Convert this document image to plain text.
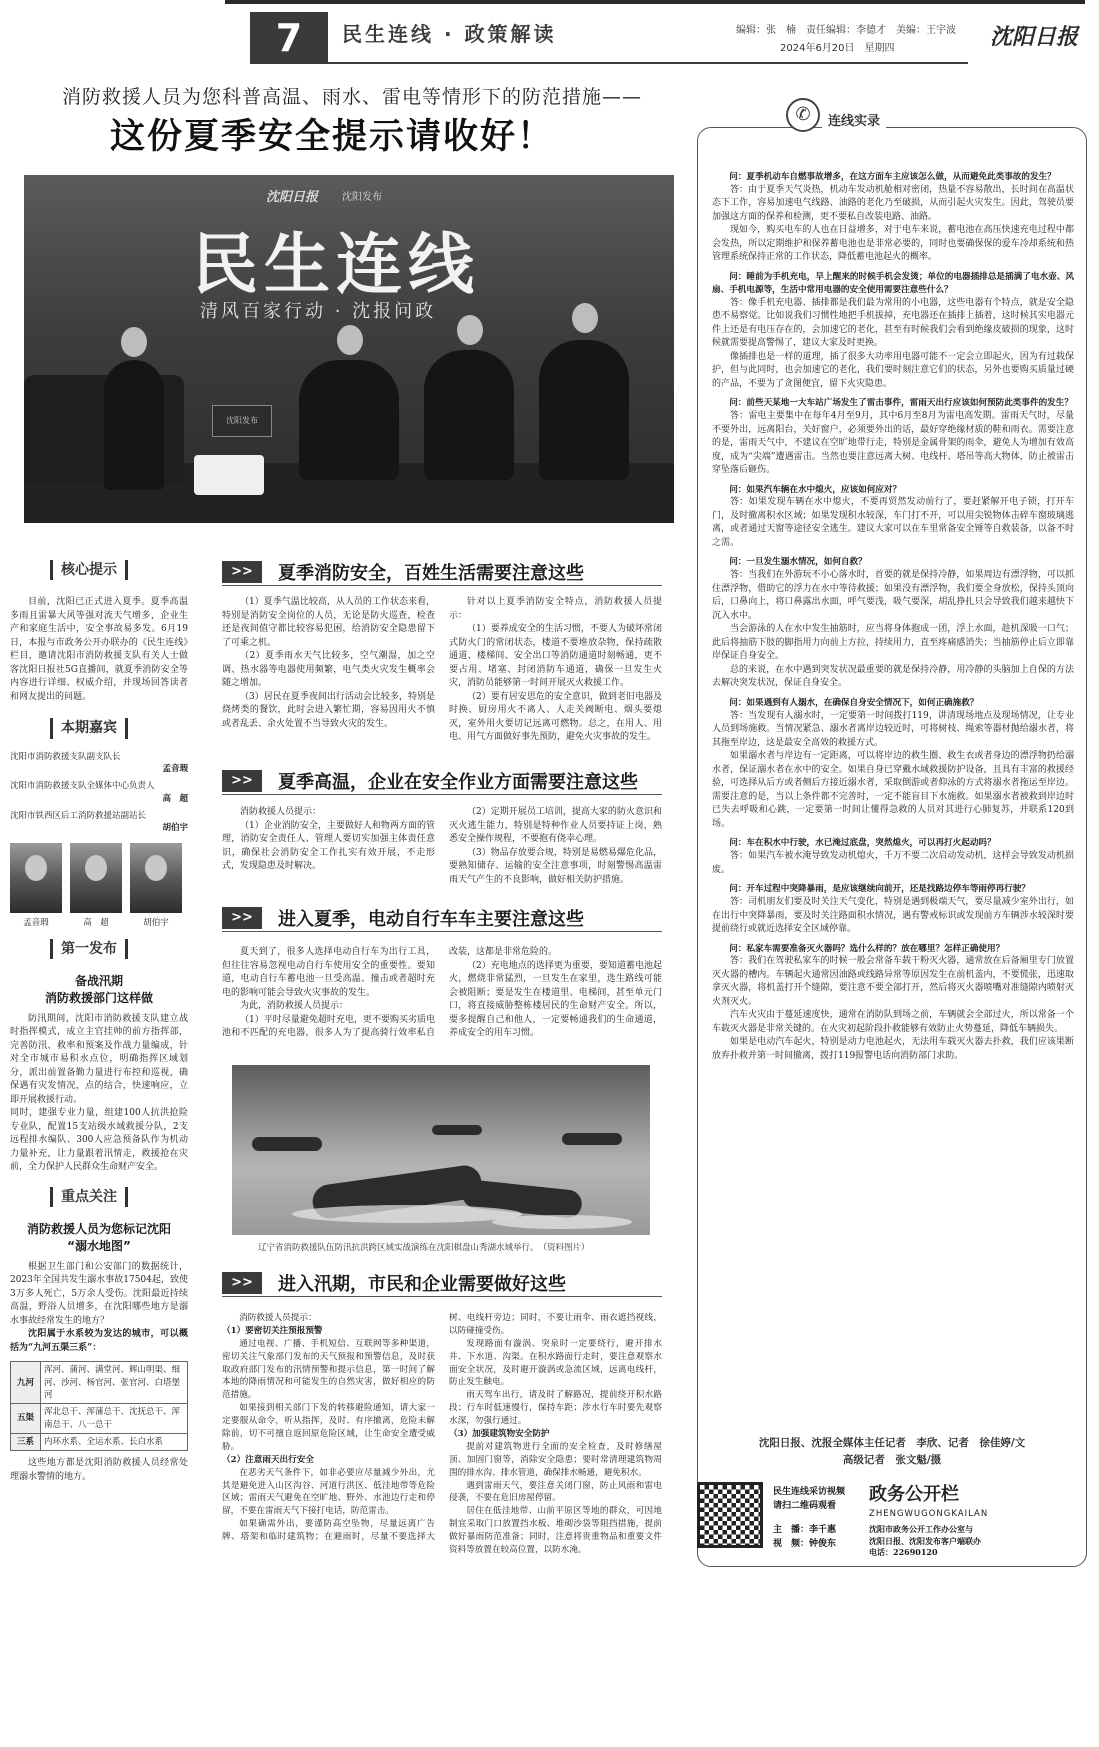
7	民生连线 · 政策解读	编辑：张　楠　责任编辑：李德才　美编：王宇波
2024年6月20日　星期四	沈阳日报
消防救援人员为您科普高温、雨水、雷电等情形下的防范措施——
这份夏季安全提示请收好！
沈阳日报 沈阳发布
民生连线
清风百家行动 · 沈报问政
沈阳发布
核心提示
目前，沈阳已正式进入夏季。夏季高温多雨且雷暴大风等强对流天气增多，企业生产和家庭生活中，安全事故易多发。6月19日，本报与市政务公开办联办的《民生连线》栏目，邀请沈阳市消防救援支队有关人士做客沈阳日报社5G直播间，就夏季消防安全等内容进行详细、权威介绍，并现场回答读者和网友提出的问题。
本期嘉宾
沈阳市消防救援支队副支队长
孟音瑕
沈阳市消防救援支队全媒体中心负责人
高　超
沈阳市铁西区后工消防救援站副站长
胡伯宇
孟音瑕	高　超	胡伯宇
第一发布
备战汛期
消防救援部门这样做
防汛期间，沈阳市消防救援支队建立战时指挥模式，成立主官挂帅的前方指挥部，完善防汛、救率和预案及作战力量编成，针对全市城市易积水点位，明确指挥区域划分，派出前置备勤力量进行布控和巡视，确保遇有灾发情况，点的结合，快速响应，立即开展救援行动。
同时，建强专业力量，组建100人抗洪抢险专业队，配置15支站级水域救援分队，2支远程排水编队、300人应急预备队作为机动力量补充，让力量跟着汛情走，救援抢在灾前，全力保护人民群众生命财产安全。
重点关注
消防救援人员为您标记沈阳
“溺水地图”
根据卫生部门和公安部门的数据统计，2023年全国共发生溺水事故17504起，致使3万多人死亡，5万余人受伤。沈阳最近持续高温，野浴人员增多，在沈阳哪些地方是溺水事故经常发生的地方？
沈阳属于水系较为发达的城市，可以概括为“九河五渠三系”：
九河	浑河、蒲河、满堂河、辉山明渠、细河、沙河、杨官河、张官河、白塔堡河
五渠	浑北总干、浑蒲总干、沈抚总干、浑南总干、八一总干
三系	内环水系、全运水系、长白水系
这些地方都是沈阳消防救援人员经常处理溺水警情的地方。
>>	夏季消防安全，百姓生活需要注意这些

（1）夏季气温比较高，从人员的工作状态来看，特别是消防安全岗位的人员，无论是防火巡查，检查还是夜间值守都比较容易犯困，给消防安全隐患留下了可乘之机。

（2）夏季雨水天气比较多，空气潮湿，加之空调、热水器等电器使用频繁，电气类火灾发生概率会随之增加。

（3）居民在夏季夜间出行活动会比较多，特别是烧烤类的餐饮，此时会进入繁忙期，容易因用火不慎或者乱丢、余火处置不当导致火灾的发生。

针对以上夏季消防安全特点，消防救援人员提示：

（1）要养成安全的生活习惯，不要人为破坏常闭式防火门的常闭状态，楼道不要堆放杂物，保持疏散通道、楼梯间、安全出口等消防通道时刻畅通，更不要占用、堵塞、封闭消防车通道，确保一旦发生火灾，消防员能够第一时间开展灭火救援工作。

（2）要有居安思危的安全意识，做到老旧电器及时换、厨房用火不离人、人走关阀断电、烟头要熄灭，室外用火要切记远离可燃物。总之，在用人、用电、用气方面做好事先预防，避免火灾事故的发生。

>>	夏季高温，企业在安全作业方面需要注意这些

消防救援人员提示：

（1）企业消防安全，主要做好人和物两方面的管理，消防安全责任人、管理人要切实加强主体责任意识，确保社会消防安全工作扎实有效开展，不走形式，发现隐患及时解决。

（2）定期开展员工培训，提高大家的防火意识和灭火逃生能力，特别是特种作业人员要持证上岗，熟悉安全操作规程，不要抱有侥幸心理。

（3）物品存放要合规，特别是易燃易爆危化品，要熟知储存、运输的安全注意事项，时刻警惕高温雷雨天气产生的不良影响，做好相关防护措施。

>>	进入夏季，电动自行车车主要注意这些

夏天到了，很多人选择电动自行车为出行工具，但往往容易忽视电动自行车使用安全的重要性。要知道，电动自行车蓄电池一旦受高温、撞击或者超时充电的影响可能会导致火灾事故的发生。

为此，消防救援人员提示：

（1）平时尽量避免超时充电，更不要购买劣质电池和不匹配的充电器，很多人为了提高骑行效率私自改装，这都是非常危险的。

（2）充电地点的选择更为重要，要知道蓄电池起火，燃烧非常猛烈，一旦发生在家里，选生路线可能会被阻断；要是发生在楼道里、电梯间，甚至单元门口，将直接威胁整栋楼居民的生命财产安全。所以，要多提醒自己和他人，一定要畅通我们的生命通道，养成安全的用车习惯。

辽宁省消防救援队伍防汛抗洪跨区域实战演练在沈阳棋盘山秀湖水域举行。　（资料图片）
>>	进入汛期，市民和企业需要做好这些

消防救援人员提示：

（1）要密切关注预报预警

通过电视、广播、手机短信、互联网等多种渠道，密切关注气象部门发布的天气预报和预警信息，及时获取政府部门发布的汛情预警和提示信息，第一时间了解本地的降雨情况和可能发生的自然灾害，做好相应的防范措施。

如果接到相关部门下发的转移避险通知，请大家一定要服从命令，听从指挥，及时、有序撤离，危险未解除前，切不可擅自返回原危险区域，让生命安全遭受威胁。

（2）注意雨天出行安全

在恶劣天气条件下，如非必要应尽量减少外出，尤其是避免进入山区沟谷、河道行洪区、低洼地带等危险区域；雷雨天气避免在空旷地、野外、水池边行走和停留，不要在雷雨天气下接打电话，防范雷击。

如果确需外出，要谨防高空坠物，尽量远离广告牌、塔架和临时建筑物；在避雨时，尽量不要选择大树、电线杆旁边；同时，不要让雨伞、雨衣遮挡视线，以防碰撞受伤。

发现路面有漩涡、突泉时一定要绕行，避开排水井、下水道、沟渠。在积水路面行走时，要注意观察水面安全状况，及时避开漩涡或急流区域，远离电线杆，防止发生触电。

雨天驾车出行，请及时了解路况，提前绕开积水路段；行车时低速慢行，保持车距；涉水行车时要先观察水深，勿强行通过。

（3）加强建筑物安全防护

提前对建筑物进行全面的安全检查，及时修缮屋顶、加固门窗等，消除安全隐患；要时常清理建筑物周围的排水沟、排水管道，确保排水畅通，避免积水。

遇到雷雨天气，要注意关闭门窗，防止风雨和雷电侵袭，不要在危旧房屋停留。

居住在低洼地带、山前平原区等地的群众，可因地制宜采取门口放置挡水板、堆砌沙袋等阻挡措施，提前做好暴雨防范准备；同时，注意将贵重物品和重要文件资料等放置在较高位置，以防水淹。

✆	连线实录
问：夏季机动车自燃事故增多，在这方面车主应该怎么做，从而避免此类事故的发生？
答：由于夏季天气炎热，机动车发动机舱相对密闭，热量不容易散出，长时间在高温状态下工作，容易加速电气线路、油路的老化乃至破损，从而引起火灾发生。因此，驾驶员要加强这方面的保养和检测，更不要私自改装电路、油路。
现如今，购买电车的人也在日益增多，对于电车来说，蓄电池在高压快速充电过程中都会发热，所以定期维护和保养蓄电池也是非常必要的，同时也要确保保的爱车冷却系统和热管理系统保持正常的工作状态，降低蓄电池起火的概率。
问：睡前为手机充电，早上醒来的时候手机会发烫；单位的电器插排总是插满了电水壶、风扇、手机电源等，生活中常用电器的安全使用需要注意些什么？
答：像手机充电器、插排都是我们最为常用的小电器，这些电器有个特点，就是安全隐患不易察觉。比如说我们习惯性地把手机拔掉，充电器还在插排上插着，这时候其实电器元件上还是有电压存在的，会加速它的老化，甚至有时候我们会看到绝缘皮破损的现象，这时候就需要提高警惕了，建议大家及时更换。
像插排也是一样的道理，插了很多大功率用电器可能不一定会立即起火，因为有过载保护，但与此同时，也会加速它的老化，我们要时刻注意它们的状态，另外也要购买质量过硬的产品，不要为了贪图便宜，留下火灾隐患。
问：前些天某地一大车站广场发生了雷击事件，雷雨天出行应该如何预防此类事件的发生？
答：雷电主要集中在每年4月至9月，其中6月至8月为雷电高发期。雷雨天气时，尽量不要外出，远离阳台，关好窗户，必须要外出的话，最好穿绝缘材质的鞋和雨衣。需要注意的是，雷雨天气中，不建议在空旷地带行走，特别是金属骨架的雨伞，避免人为增加有效高度，成为“尖端”遭遇雷击。当然也要注意远离大树、电线杆、塔吊等高大物体，防止被雷击穿坠落后砸伤。
问：如果汽车辆在水中熄火，应该如何应对？
答：如果发现车辆在水中熄火，不要再贸然发动前行了，要赶紧解开电子锁，打开车门，及时撤离积水区域；如果发现积水较深，车门打不开，可以用尖锐物体击碎车窗玻璃逃离，或者通过天窗等途径安全逃生。建议大家可以在车里常备安全锤等自救装备，以备不时之需。
问：一旦发生溺水情况，如何自救？
答：当我们在外游玩不小心落水时，首要的就是保持冷静，如果周边有漂浮物，可以抓住漂浮物，借助它的浮力在水中等待救援；如果没有漂浮物，我们要全身放松，保持头顶向后，口鼻向上，将口鼻露出水面，呼气要浅，吸气要深，胡乱挣扎只会导致我们越来越快下沉入水中。
当会游泳的人在水中发生抽筋时，应当将身体抱成一团，浮上水面，趁机深吸一口气；此后将抽筋下肢的脚指用力向前上方拉，持续用力，直至疼痛感消失；当抽筋停止后立即靠岸保证自身安全。
总的来说，在水中遇到突发状况最重要的就是保持冷静，用冷静的头脑加上自保的方法去解决突发状况，保证自身安全。
问：如果遇到有人溺水，在确保自身安全情况下，如何正确施救？
答：当发现有人溺水时，一定要第一时间拨打119，讲清现场地点及现场情况，让专业人员到场施救。当情况紧急、溺水者离岸边较近时，可将树枝、绳索等器材抛给溺水者，将其拖至岸边，这是最安全高效的救援方式。
如果溺水者与岸边有一定距离，可以将岸边的救生圈、救生衣或者身边的漂浮物扔给溺水者，保证溺水者在水中的安全。如果自身已穿戴水域救援防护设备，且具有丰富的救援经验，可选择从后方或者侧后方接近溺水者，采取倒游或者仰泳的方式将溺水者拖运至岸边。需要注意的是，当以上条件都不完善时，一定不能盲目下水施救。如果溺水者被救到岸边时已失去呼吸和心跳，一定要第一时间让懂得急救的人员对其进行心肺复苏，并联系120到场。
问：车在积水中行驶，水已淹过底盘，突然熄火，可以再打火起动吗？
答：如果汽车被水淹导致发动机熄火，千万不要二次启动发动机，这样会导致发动机损废。
问：开车过程中突降暴雨，是应该继续向前开，还是找路边停车等雨停再行驶？
答：司机朋友们要及时关注天气变化，特别是遇到极端天气，要尽量减少室外出行，如在出行中突降暴雨，要及时关注路面积水情况，遇有警戒标识或发现前方车辆涉水较深时要提前绕行或就近选择安全区域停靠。
问：私家车需要准备灭火器吗？选什么样的？放在哪里？怎样正确使用？
答：我们在驾驶私家车的时候一般会常备车载干粉灭火器，通常放在后备厢里专门放置灭火器的槽内。车辆起火通常因油路或线路异常等原因发生在前机盖内，不要慌张，迅速取拿灭火器，将机盖打开个缝隙，要注意不要全部打开，然后将灭火器喷嘴对准缝隙内喷射灭火剂灭火。
汽车火灾由于蔓延速度快，通常在消防队到场之前，车辆就会全部过火，所以常备一个车载灭火器是非常关键的。在火灾初起阶段扑救能够有效防止火势蔓延，降低车辆损失。
如果是电动汽车起火，特别是动力电池起火，无法用车载灭火器去扑救，我们应该果断放弃扑救并第一时间撤离，拨打119报警电话向消防部门求助。
沈阳日报、沈报全媒体主任记者　李欣、记者　徐佳婷/文
高级记者　张文魁/摄
民生连线采访视频
请扫二维码观看
主　播：李千惠
视　频：钟俊东
政务公开栏
ZHENGWUGONGKAILAN
沈阳市政务公开工作办公室与
沈阳日报、沈阳发布客户端联办
电话：22690120
